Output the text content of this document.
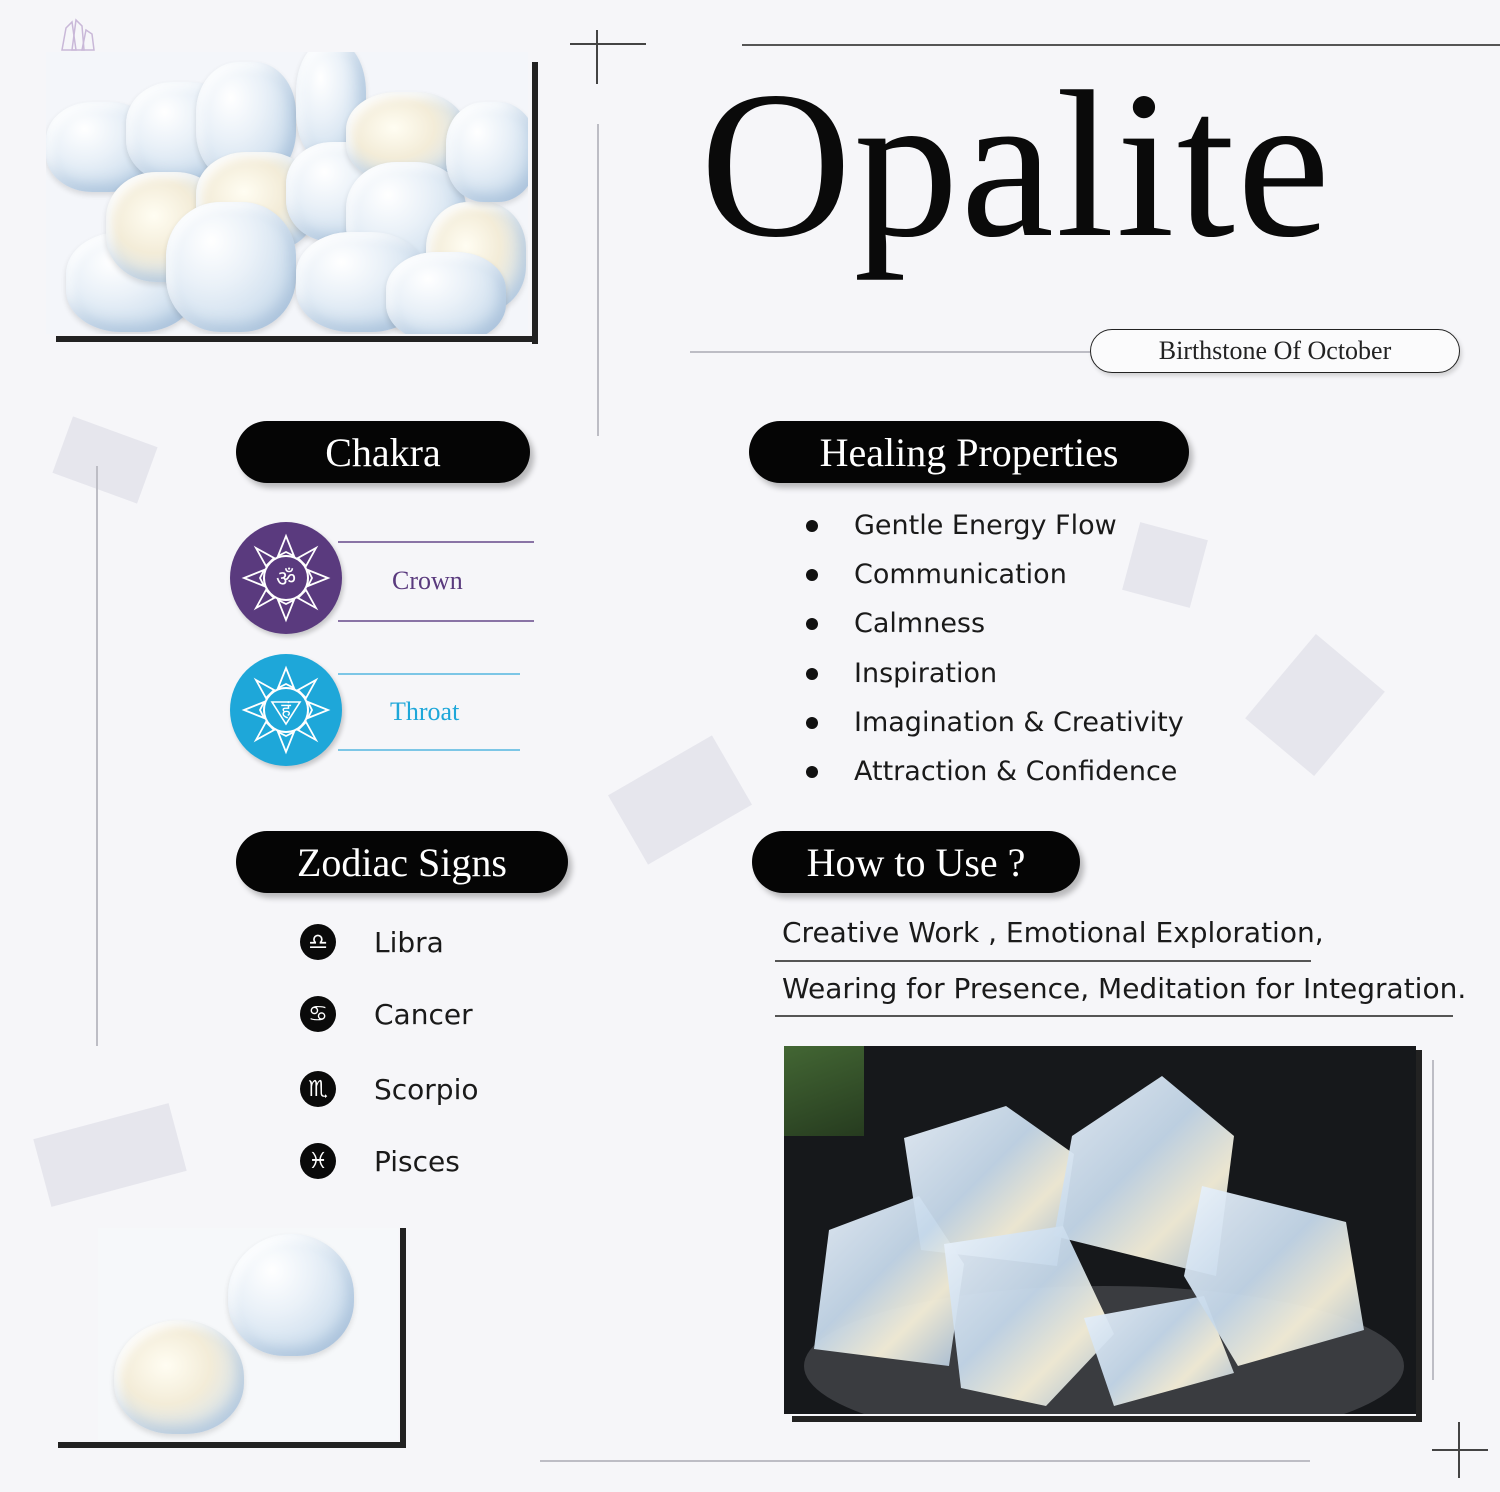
Opalite
Birthstone Of October
Chakra
ॐ	Crown
हं	Throat
Healing Properties
Gentle Energy Flow
Communication
Calmness
Inspiration
Imagination & Creativity
Attraction & Confidence
Zodiac Signs
♎ Libra
♋ Cancer
♏ Scorpio
♓ Pisces
How to Use ?
Creative Work , Emotional Exploration,
Wearing for Presence, Meditation for Integration.
